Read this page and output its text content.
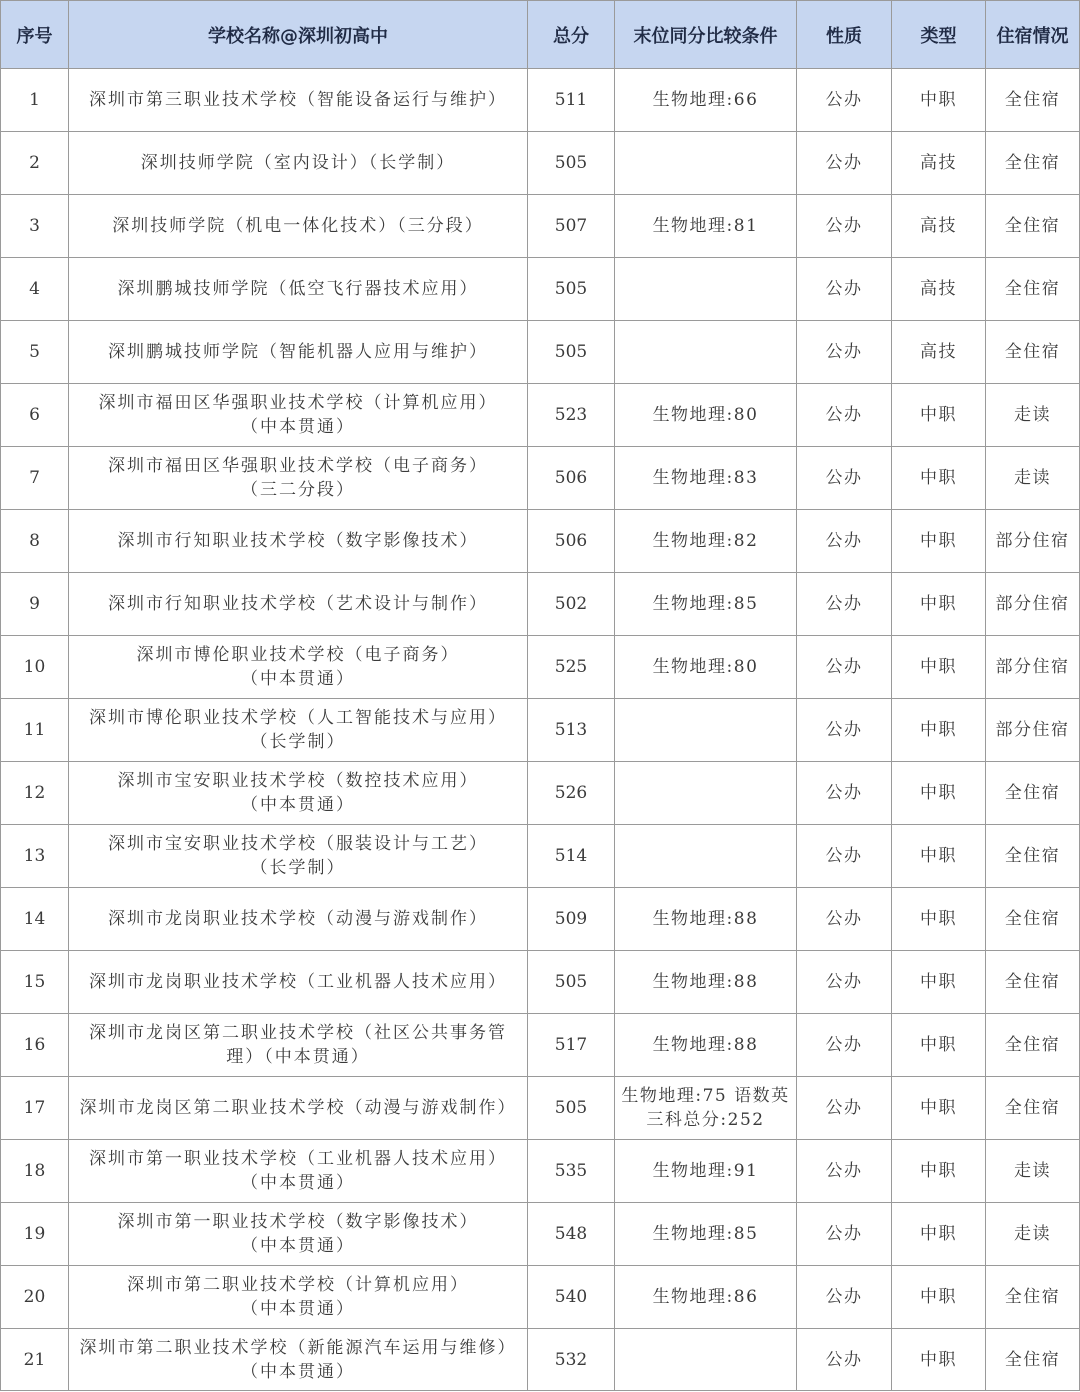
序号	学校名称@深圳初高中	总分	末位同分比较条件	性质	类型	住宿情况
1	深圳市第三职业技术学校（智能设备运行与维护）	511	生物地理:66	公办	中职	全住宿
2	深圳技师学院（室内设计）（长学制）	505		公办	高技	全住宿
3	深圳技师学院（机电一体化技术）（三分段）	507	生物地理:81	公办	高技	全住宿
4	深圳鹏城技师学院（低空飞行器技术应用）	505		公办	高技	全住宿
5	深圳鹏城技师学院（智能机器人应用与维护）	505		公办	高技	全住宿
6	深圳市福田区华强职业技术学校（计算机应用）
（中本贯通）	523	生物地理:80	公办	中职	走读
7	深圳市福田区华强职业技术学校（电子商务）
（三二分段）	506	生物地理:83	公办	中职	走读
8	深圳市行知职业技术学校（数字影像技术）	506	生物地理:82	公办	中职	部分住宿
9	深圳市行知职业技术学校（艺术设计与制作）	502	生物地理:85	公办	中职	部分住宿
10	深圳市博伦职业技术学校（电子商务）
（中本贯通）	525	生物地理:80	公办	中职	部分住宿
11	深圳市博伦职业技术学校（人工智能技术与应用）
（长学制）	513		公办	中职	部分住宿
12	深圳市宝安职业技术学校（数控技术应用）
（中本贯通）	526		公办	中职	全住宿
13	深圳市宝安职业技术学校（服装设计与工艺）
（长学制）	514		公办	中职	全住宿
14	深圳市龙岗职业技术学校（动漫与游戏制作）	509	生物地理:88	公办	中职	全住宿
15	深圳市龙岗职业技术学校（工业机器人技术应用）	505	生物地理:88	公办	中职	全住宿
16	深圳市龙岗区第二职业技术学校（社区公共事务管
理）（中本贯通）	517	生物地理:88	公办	中职	全住宿
17	深圳市龙岗区第二职业技术学校（动漫与游戏制作）	505	生物地理:75 语数英
三科总分:252	公办	中职	全住宿
18	深圳市第一职业技术学校（工业机器人技术应用）
（中本贯通）	535	生物地理:91	公办	中职	走读
19	深圳市第一职业技术学校（数字影像技术）
（中本贯通）	548	生物地理:85	公办	中职	走读
20	深圳市第二职业技术学校（计算机应用）
（中本贯通）	540	生物地理:86	公办	中职	全住宿
21	深圳市第二职业技术学校（新能源汽车运用与维修）
（中本贯通）	532		公办	中职	全住宿
